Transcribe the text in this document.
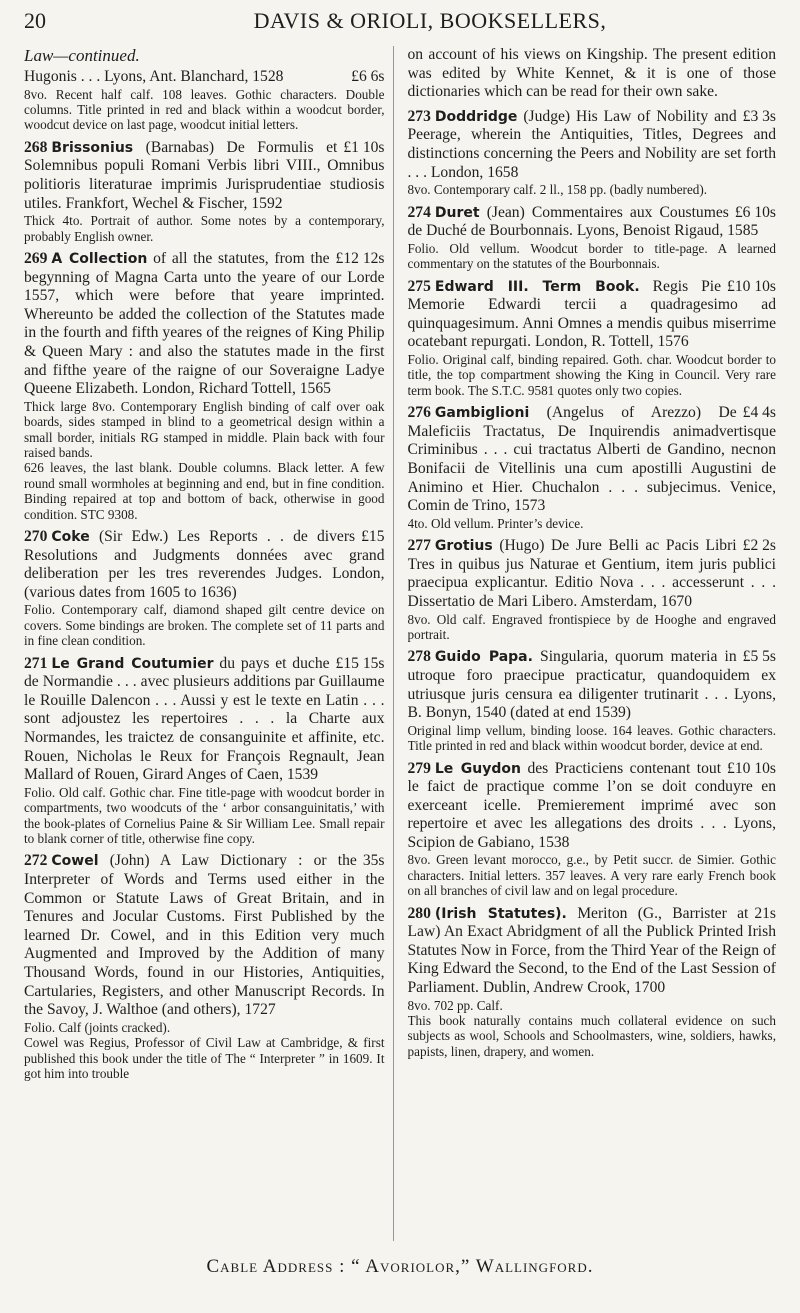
20	DAVIS & ORIOLI, BOOKSELLERS,
Law—continued.

£6 6s
Hugonis . . . Lyons, Ant. Blanchard, 1528

8vo. Recent half calf. 108 leaves. Gothic characters. Double columns. Title printed in red and black within a woodcut border, woodcut device on last page, woodcut initial letters.

£1 10s
268 Brissonius (Barnabas) De Formulis et Solemnibus populi Romani Verbis libri VIII., Omnibus politioris literaturae imprimis Jurisprudentiae studiosis utiles. Frankfort, Wechel & Fischer, 1592

Thick 4to. Portrait of author. Some notes by a contemporary, probably English owner.

£12 12s
269 A Collection of all the statutes, from the begynning of Magna Carta unto the yeare of our Lorde 1557, which were before that yeare imprinted. Whereunto be added the collection of the Statutes made in the fourth and fifth yeares of the reignes of King Philip & Queen Mary : and also the statutes made in the first and fifthe yeare of the raigne of our Soveraigne Ladye Queene Elizabeth. London, Richard Tottell, 1565

Thick large 8vo. Contemporary English binding of calf over oak boards, sides stamped in blind to a geometrical design within a small border, initials RG stamped in middle. Plain back with four raised bands.

626 leaves, the last blank. Double columns. Black letter. A few round small wormholes at beginning and end, but in fine condition. Binding repaired at top and bottom of back, otherwise in good condition. STC 9308.

£15
270 Coke (Sir Edw.) Les Reports . . de divers Resolutions and Judgments données avec grand deliberation per les tres reverendes Judges. London, (various dates from 1605 to 1636)

Folio. Contemporary calf, diamond shaped gilt centre device on covers. Some bindings are broken. The complete set of 11 parts and in fine clean condition.

£15 15s
271 Le Grand Coutumier du pays et duche de Normandie . . . avec plusieurs additions par Guillaume le Rouille Dalencon . . . Aussi y est le texte en Latin . . . sont adjoustez les repertoires . . . la Charte aux Normandes, les traictez de consanguinite et affinite, etc. Rouen, Nicholas le Reux for François Regnault, Jean Mallard of Rouen, Girard Anges of Caen, 1539

Folio. Old calf. Gothic char. Fine title-page with woodcut border in compartments, two woodcuts of the ‘ arbor consanguinitatis,’ with the book-plates of Cornelius Paine & Sir William Lee. Small repair to blank corner of title, otherwise fine copy.

35s
272 Cowel (John) A Law Dictionary : or the Interpreter of Words and Terms used either in the Common or Statute Laws of Great Britain, and in Tenures and Jocular Customs. First Published by the learned Dr. Cowel, and in this Edition very much Augmented and Improved by the Addition of many Thousand Words, found in our Histories, Antiquities, Cartularies, Registers, and other Manuscript Records. In the Savoy, J. Walthoe (and others), 1727

Folio. Calf (joints cracked).

Cowel was Regius, Professor of Civil Law at Cambridge, & first published this book under the title of The “ Interpreter ” in 1609. It got him into trouble

on account of his views on Kingship. The present edition was edited by White Kennet, & it is one of those dictionaries which can be read for their own sake.

£3 3s
273 Doddridge (Judge) His Law of Nobility and Peerage, wherein the Antiquities, Titles, Degrees and distinctions concerning the Peers and Nobility are set forth . . . London, 1658

8vo. Contemporary calf. 2 ll., 158 pp. (badly numbered).

£6 10s
274 Duret (Jean) Commentaires aux Coustumes de Duché de Bourbonnais. Lyons, Benoist Rigaud, 1585

Folio. Old vellum. Woodcut border to title-page. A learned commentary on the statutes of the Bourbonnais.

£10 10s
275 Edward III. Term Book. Regis Pie Memorie Edwardi tercii a quadragesimo ad quinquagesimum. Anni Omnes a mendis quibus miserrime ocatebant repurgati. London, R. Tottell, 1576

Folio. Original calf, binding repaired. Goth. char. Woodcut border to title, the top compartment showing the King in Council. Very rare term book. The S.T.C. 9581 quotes only two copies.

£4 4s
276 Gambiglioni (Angelus of Arezzo) De Maleficiis Tractatus, De Inquirendis animadvertisque Criminibus . . . cui tractatus Alberti de Gandino, necnon Bonifacii de Vitellinis una cum apostilli Augustini de Animino et Hier. Chuchalon . . . subjecimus. Venice, Comin de Trino, 1573

4to. Old vellum. Printer’s device.

£2 2s
277 Grotius (Hugo) De Jure Belli ac Pacis Libri Tres in quibus jus Naturae et Gentium, item juris publici praecipua explicantur. Editio Nova . . . accesserunt . . . Dissertatio de Mari Libero. Amsterdam, 1670

8vo. Old calf. Engraved frontispiece by de Hooghe and engraved portrait.

£5 5s
278 Guido Papa. Singularia, quorum materia in utroque foro praecipue practicatur, quandoquidem ex utriusque juris censura ea diligenter trutinarit . . . Lyons, B. Bonyn, 1540 (dated at end 1539)

Original limp vellum, binding loose. 164 leaves. Gothic characters. Title printed in red and black within woodcut border, device at end.

£10 10s
279 Le Guydon des Practiciens contenant tout le faict de practique comme l’on se doit conduyre en exerceant icelle. Premierement imprimé avec son repertoire et avec les allegations des droits . . . Lyons, Scipion de Gabiano, 1538

8vo. Green levant morocco, g.e., by Petit succr. de Simier. Gothic characters. Initial letters. 357 leaves. A very rare early French book on all branches of civil law and on legal procedure.

21s
280 (Irish Statutes). Meriton (G., Barrister at Law) An Exact Abridgment of all the Publick Printed Irish Statutes Now in Force, from the Third Year of the Reign of King Edward the Second, to the End of the Last Session of Parliament. Dublin, Andrew Crook, 1700

8vo. 702 pp. Calf.

This book naturally contains much collateral evidence on such subjects as wool, Schools and Schoolmasters, wine, soldiers, hawks, papists, linen, drapery, and women.

Cable Address : “ Avoriolor,” Wallingford.
